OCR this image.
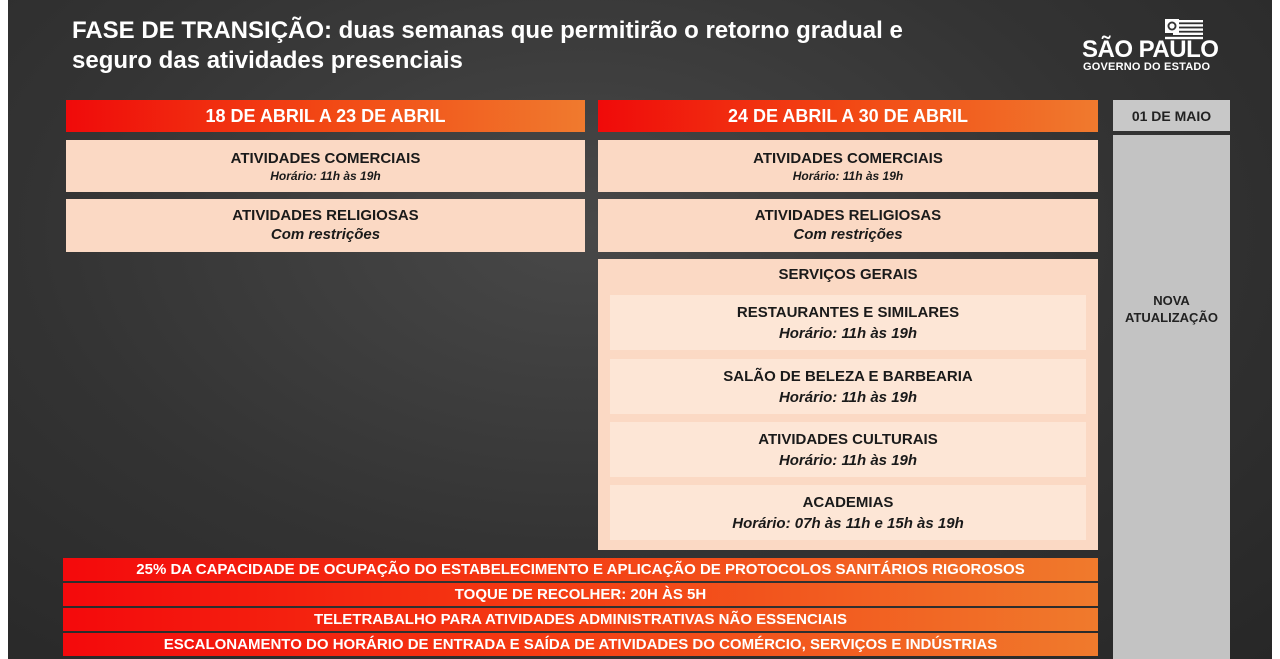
FASE DE TRANSIÇÃO: duas semanas que permitirão o retorno gradual e
seguro das atividades presenciais	SÃO PAULO
GOVERNO DO ESTADO
18 DE ABRIL A 23 DE ABRIL
ATIVIDADES COMERCIAIS
Horário: 11h às 19h
ATIVIDADES RELIGIOSAS
Com restrições
24 DE ABRIL A 30 DE ABRIL
ATIVIDADES COMERCIAIS
Horário: 11h às 19h
ATIVIDADES RELIGIOSAS
Com restrições
SERVIÇOS GERAIS
RESTAURANTES E SIMILARES
Horário: 11h às 19h
SALÃO DE BELEZA E BARBEARIA
Horário: 11h às 19h
ATIVIDADES CULTURAIS
Horário: 11h às 19h
ACADEMIAS
Horário: 07h às 11h e 15h às 19h
01 DE MAIO
NOVA
ATUALIZAÇÃO
25% DA CAPACIDADE DE OCUPAÇÃO DO ESTABELECIMENTO E APLICAÇÃO DE PROTOCOLOS SANITÁRIOS RIGOROSOS
TOQUE DE RECOLHER: 20H ÀS 5H
TELETRABALHO PARA ATIVIDADES ADMINISTRATIVAS NÃO ESSENCIAIS
ESCALONAMENTO DO HORÁRIO DE ENTRADA E SAÍDA DE ATIVIDADES DO COMÉRCIO, SERVIÇOS E INDÚSTRIAS
